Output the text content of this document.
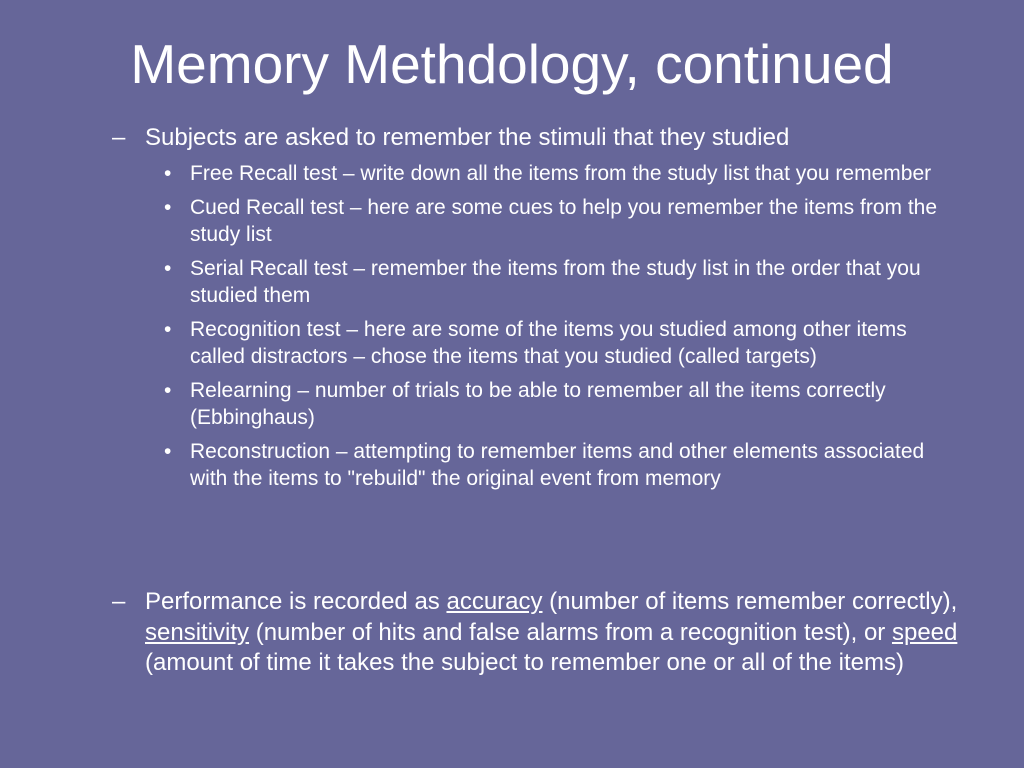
Memory Methdology, continued
– Subjects are asked to remember the stimuli that they studied
• Free Recall test – write down all the items from the study list that you remember
• Cued Recall test – here are some cues to help you remember the items from the study list
• Serial Recall test – remember the items from the study list in the order that you studied them
• Recognition test – here are some of the items you studied among other items called distractors – chose the items that you studied (called targets)
• Relearning – number of trials to be able to remember all the items correctly (Ebbinghaus)
• Reconstruction – attempting to remember items and other elements associated with the items to "rebuild" the original event from memory
– Performance is recorded as accuracy (number of items remember correctly), sensitivity (number of hits and false alarms from a recognition test), or speed (amount of time it takes the subject to remember one or all of the items)
